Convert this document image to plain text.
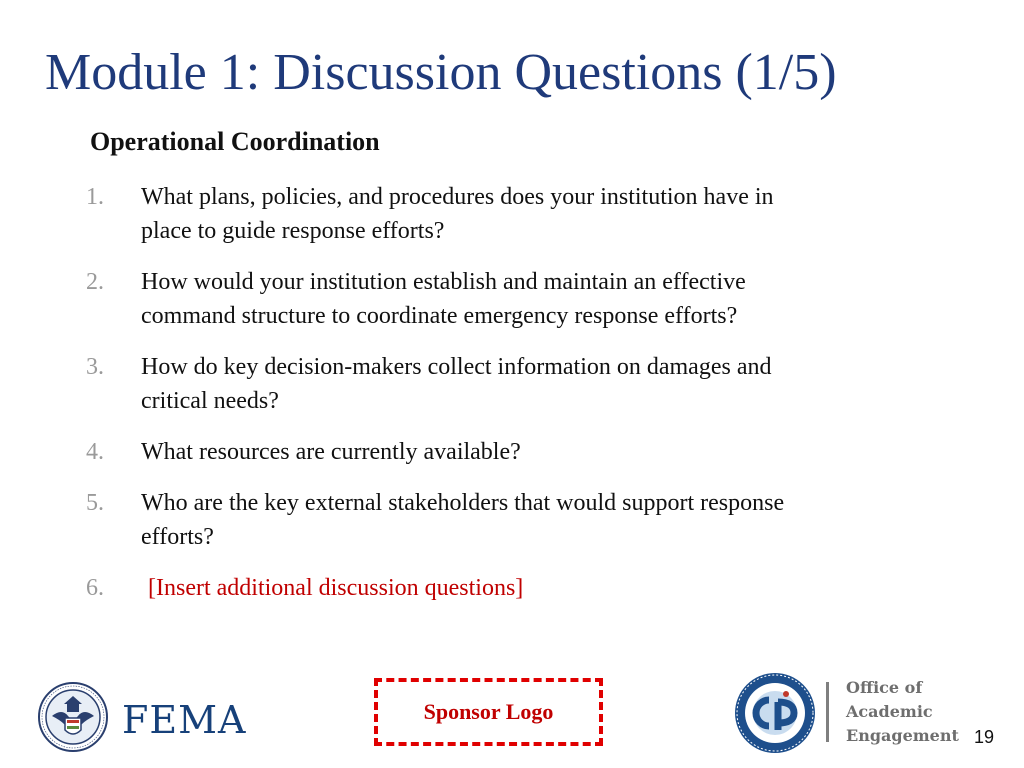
Module 1: Discussion Questions (1/5)
Operational Coordination
1. What plans, policies, and procedures does your institution have in
place to guide response efforts?
2. How would your institution establish and maintain an effective
command structure to coordinate emergency response efforts?
3. How do key decision-makers collect information on damages and
critical needs?
4. What resources are currently available?
5. Who are the key external stakeholders that would support response
efforts?
6. [Insert additional discussion questions]
FEMA	Sponsor Logo
Office of
Academic
Engagement 19
